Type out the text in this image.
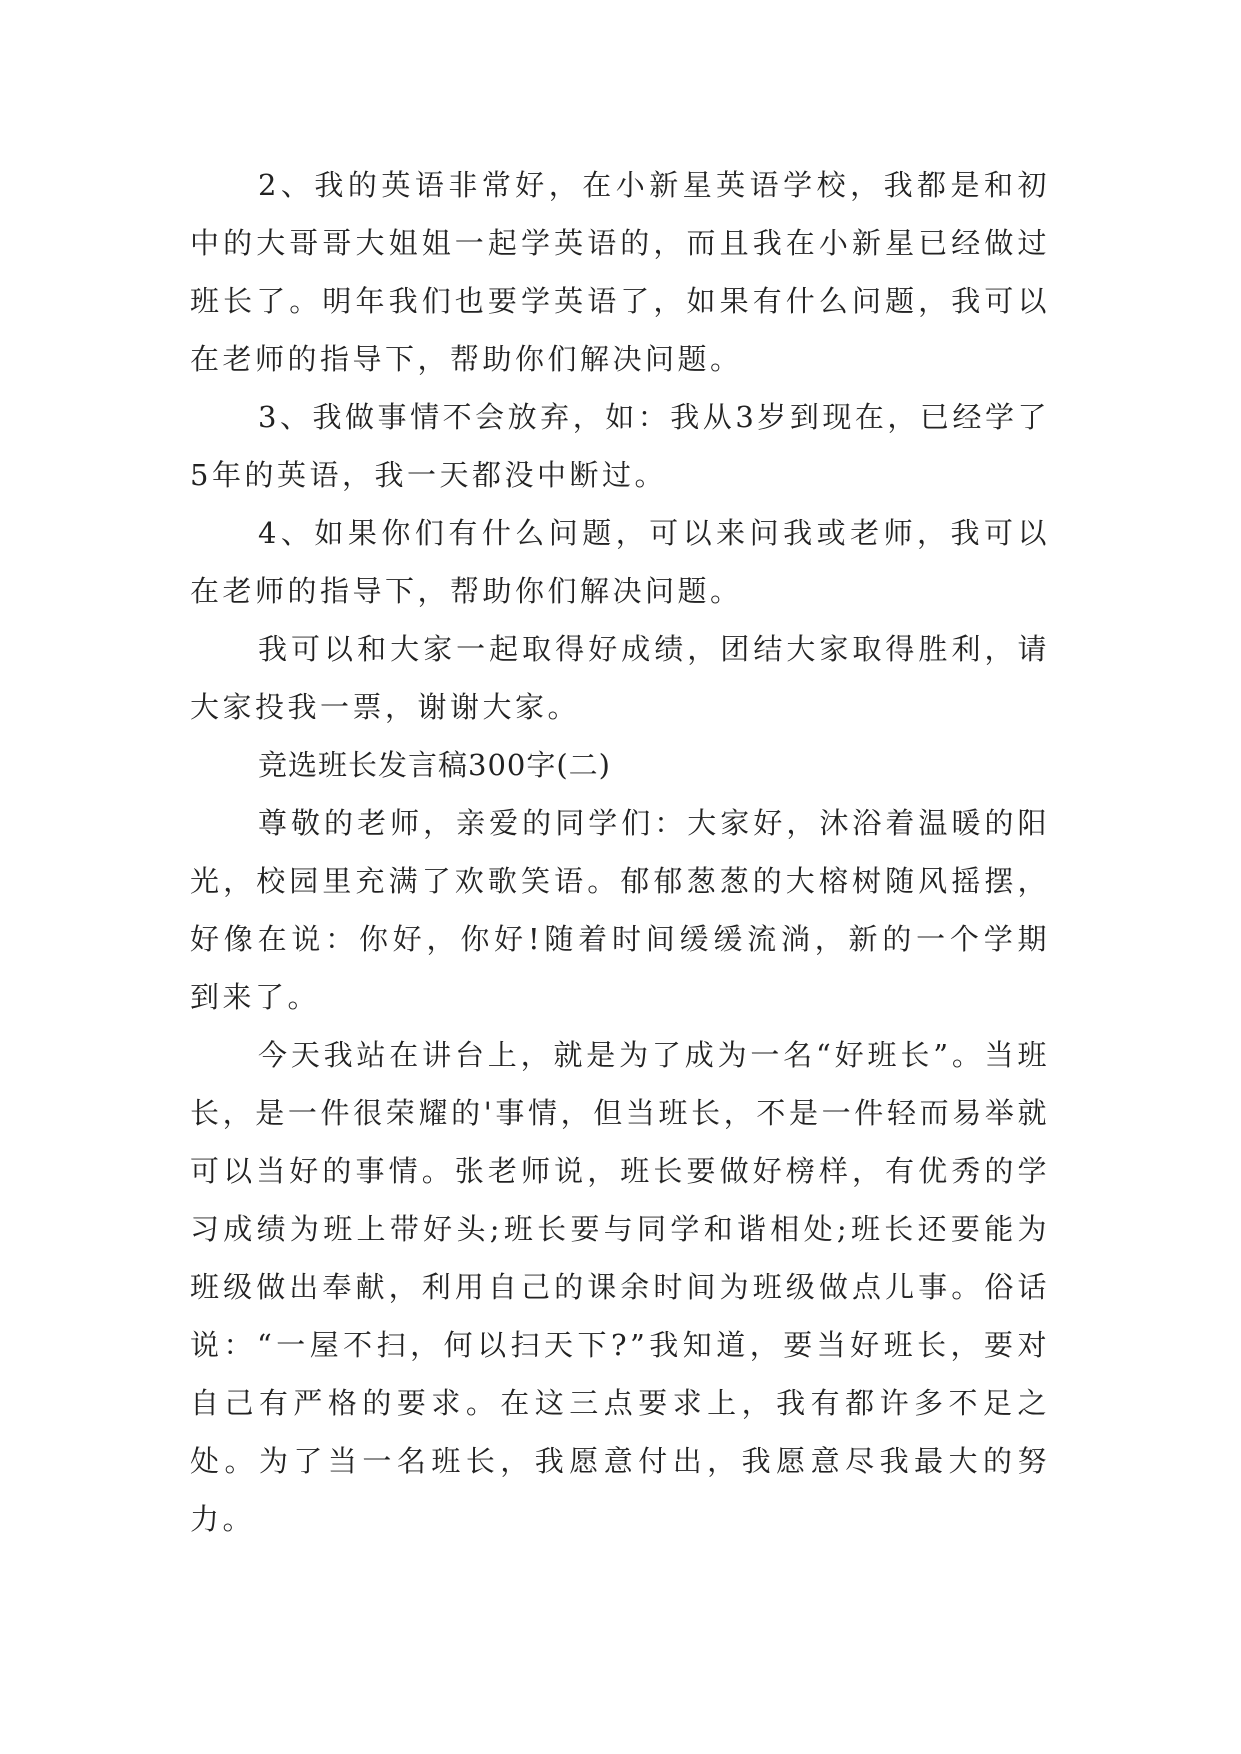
2、我的英语非常好，在小新星英语学校，我都是和初中的大哥哥大姐姐一起学英语的，而且我在小新星已经做过班长了。明年我们也要学英语了，如果有什么问题，我可以在老师的指导下，帮助你们解决问题。

3、我做事情不会放弃，如：我从3岁到现在，已经学了5年的英语，我一天都没中断过。

4、如果你们有什么问题，可以来问我或老师，我可以在老师的指导下，帮助你们解决问题。

我可以和大家一起取得好成绩，团结大家取得胜利，请大家投我一票，谢谢大家。

竞选班长发言稿300字(二)

尊敬的老师，亲爱的同学们：大家好，沐浴着温暖的阳光，校园里充满了欢歌笑语。郁郁葱葱的大榕树随风摇摆，好像在说：你好，你好!随着时间缓缓流淌，新的一个学期到来了。

今天我站在讲台上，就是为了成为一名“好班长”。当班长，是一件很荣耀的'事情，但当班长，不是一件轻而易举就可以当好的事情。张老师说，班长要做好榜样，有优秀的学习成绩为班上带好头;班长要与同学和谐相处;班长还要能为班级做出奉献，利用自己的课余时间为班级做点儿事。俗话说：“一屋不扫，何以扫天下?”我知道，要当好班长，要对自己有严格的要求。在这三点要求上，我有都许多不足之处。为了当一名班长，我愿意付出，我愿意尽我最大的努力。
